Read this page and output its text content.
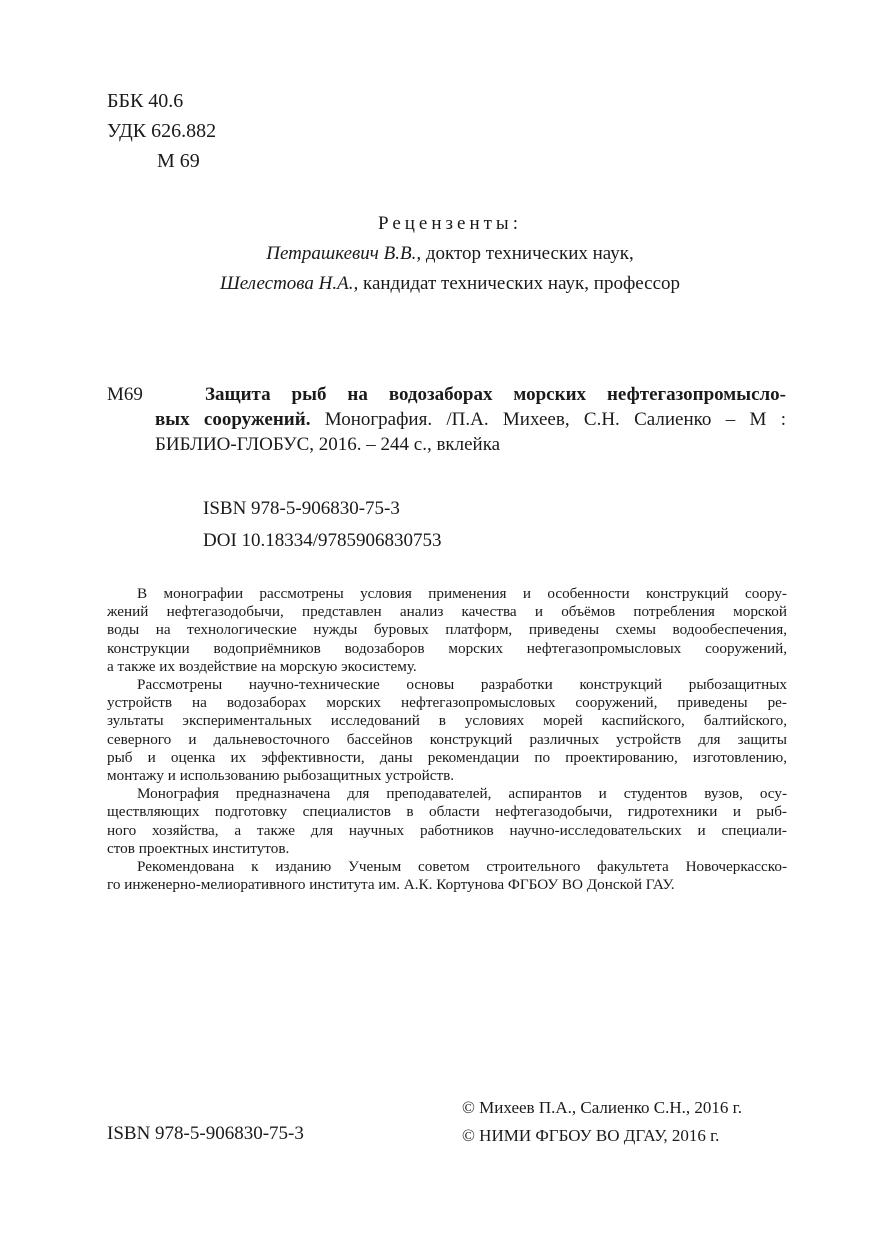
ББК 40.6
УДК 626.882
М 69
Рецензенты:
Петрашкевич В.В., доктор технических наук,
Шелестова Н.А., кандидат технических наук, профессор
М69	Защита рыб на водозаборах морских нефтегазопромысло-
вых сооружений. Монография. /П.А. Михеев, С.Н. Салиенко – М :
БИБЛИО-ГЛОБУС, 2016. – 244 с., вклейка
ISBN 978-5-906830-75-3
DOI 10.18334/9785906830753

В монографии рассмотрены условия применения и особенности конструкций соору-
жений нефтегазодобычи, представлен анализ качества и объёмов потребления морской
воды на технологические нужды буровых платформ, приведены схемы водообеспечения,
конструкции водоприёмников водозаборов морских нефтегазопромысловых сооружений,
а также их воздействие на морскую экосистему.

Рассмотрены научно-технические основы разработки конструкций рыбозащитных
устройств на водозаборах морских нефтегазопромысловых сооружений, приведены ре-
зультаты экспериментальных исследований в условиях морей каспийского, балтийского,
северного и дальневосточного бассейнов конструкций различных устройств для защиты
рыб и оценка их эффективности, даны рекомендации по проектированию, изготовлению,
монтажу и использованию рыбозащитных устройств.

Монография предназначена для преподавателей, аспирантов и студентов вузов, осу-
ществляющих подготовку специалистов в области нефтегазодобычи, гидротехники и рыб-
ного хозяйства, а также для научных работников научно-исследовательских и специали-
стов проектных институтов.

Рекомендована к изданию Ученым советом строительного факультета Новочеркасско-
го инженерно-мелиоративного института им. А.К. Кортунова ФГБОУ ВО Донской ГАУ.

ISBN 978-5-906830-75-3
© Михеев П.А., Салиенко С.Н., 2016 г.
© НИМИ ФГБОУ ВО ДГАУ, 2016 г.
